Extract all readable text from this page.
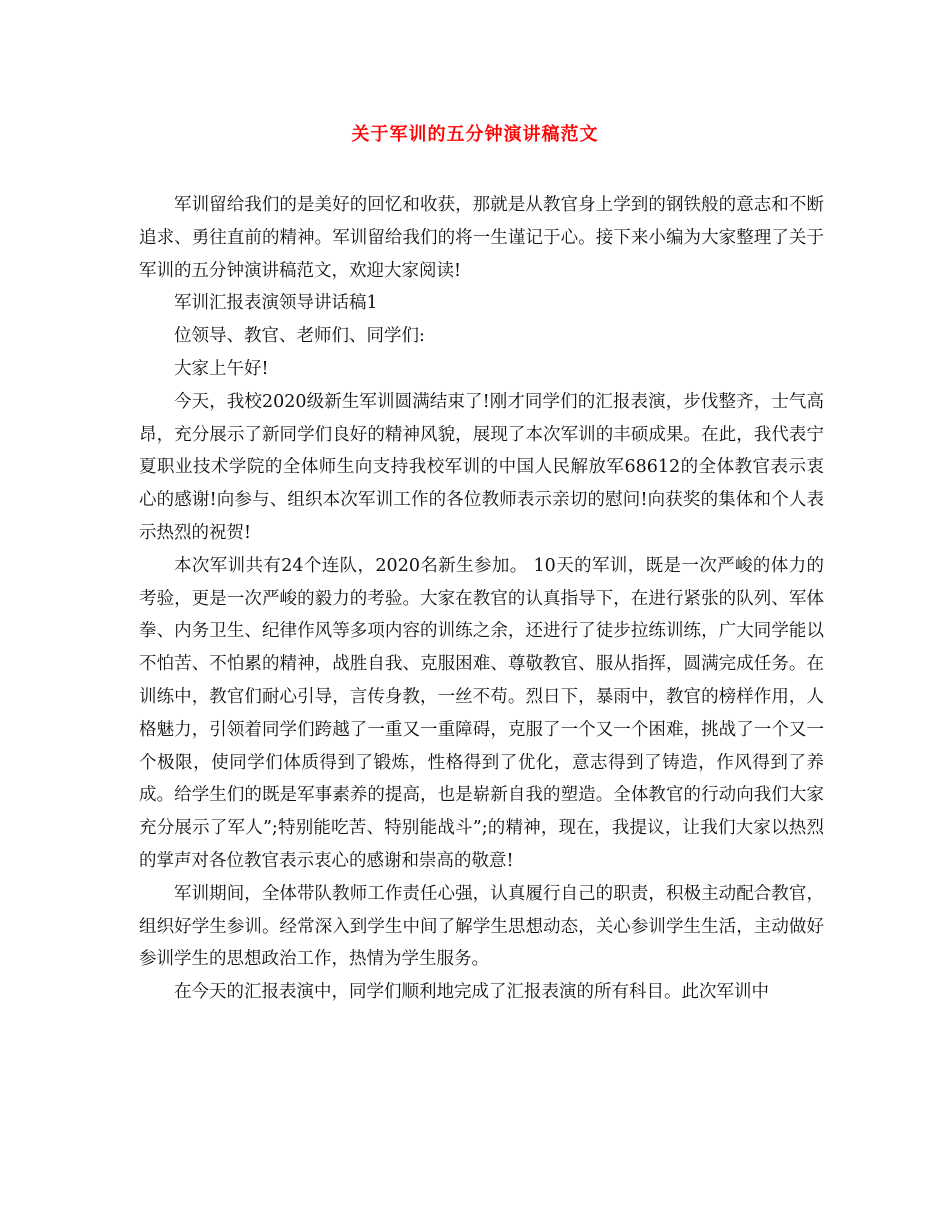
关于军训的五分钟演讲稿范文

军训留给我们的是美好的回忆和收获，那就是从教官身上学到的钢铁般的意志和不断追求、勇往直前的精神。军训留给我们的将一生谨记于心。接下来小编为大家整理了关于军训的五分钟演讲稿范文，欢迎大家阅读!

军训汇报表演领导讲话稿1

位领导、教官、老师们、同学们:

大家上午好!

今天，我校2020级新生军训圆满结束了!刚才同学们的汇报表演，步伐整齐，士气高昂，充分展示了新同学们良好的精神风貌，展现了本次军训的丰硕成果。在此，我代表宁夏职业技术学院的全体师生向支持我校军训的中国人民解放军68612的全体教官表示衷心的感谢!向参与、组织本次军训工作的各位教师表示亲切的慰问!向获奖的集体和个人表示热烈的祝贺!

本次军训共有24个连队，2020名新生参加。 10天的军训，既是一次严峻的体力的考验，更是一次严峻的毅力的考验。大家在教官的认真指导下，在进行紧张的队列、军体拳、内务卫生、纪律作风等多项内容的训练之余，还进行了徒步拉练训练，广大同学能以不怕苦、不怕累的精神，战胜自我、克服困难、尊敬教官、服从指挥，圆满完成任务。在训练中，教官们耐心引导，言传身教，一丝不苟。烈日下，暴雨中，教官的榜样作用，人格魅力，引领着同学们跨越了一重又一重障碍，克服了一个又一个困难，挑战了一个又一个极限，使同学们体质得到了锻炼，性格得到了优化，意志得到了铸造，作风得到了养成。给学生们的既是军事素养的提高，也是崭新自我的塑造。全体教官的行动向我们大家充分展示了军人”;特别能吃苦、特别能战斗”;的精神，现在，我提议，让我们大家以热烈的掌声对各位教官表示衷心的感谢和崇高的敬意!

军训期间，全体带队教师工作责任心强，认真履行自己的职责，积极主动配合教官，组织好学生参训。经常深入到学生中间了解学生思想动态，关心参训学生生活，主动做好参训学生的思想政治工作，热情为学生服务。

在今天的汇报表演中，同学们顺利地完成了汇报表演的所有科目。此次军训中
